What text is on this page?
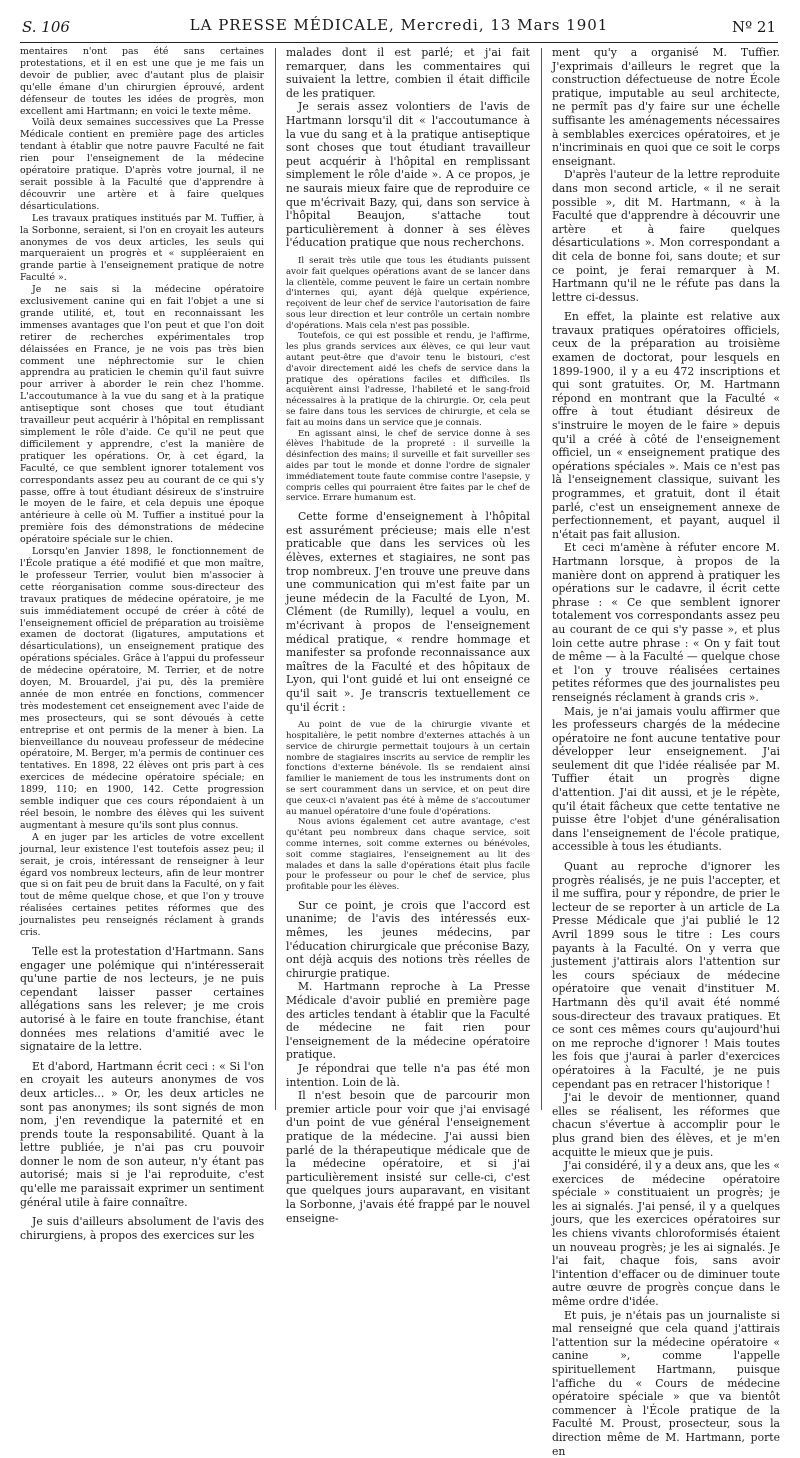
S. 106	LA PRESSE MÉDICALE, Mercredi, 13 Mars 1901	Nº 21

mentaires n'ont pas été sans certaines protestations, et il en est une que je me fais un devoir de publier, avec d'autant plus de plaisir qu'elle émane d'un chirurgien éprouvé, ardent défenseur de toutes les idées de progrès, mon excellent ami Hartmann; en voici le texte même.

Voilà deux semaines successives que La Presse Médicale contient en première page des articles tendant à établir que notre pauvre Faculté ne fait rien pour l'enseignement de la médecine opératoire pratique. D'après votre journal, il ne serait possible à la Faculté que d'apprendre à découvrir une artère et à faire quelques désarticulations.

Les travaux pratiques institués par M. Tuffier, à la Sorbonne, seraient, si l'on en croyait les auteurs anonymes de vos deux articles, les seuls qui marqueraient un progrès et « suppléeraient en grande partie à l'enseignement pratique de notre Faculté ».

Je ne sais si la médecine opératoire exclusivement canine qui en fait l'objet a une si grande utilité, et, tout en reconnaissant les immenses avantages que l'on peut et que l'on doit retirer de recherches expérimentales trop délaissées en France, je ne vois pas très bien comment une néphrectomie sur le chien apprendra au praticien le chemin qu'il faut suivre pour arriver à aborder le rein chez l'homme. L'accoutumance à la vue du sang et à la pratique antiseptique sont choses que tout étudiant travailleur peut acquérir à l'hôpital en remplissant simplement le rôle d'aide. Ce qu'il ne peut que difficilement y apprendre, c'est la manière de pratiquer les opérations. Or, à cet égard, la Faculté, ce que semblent ignorer totalement vos correspondants assez peu au courant de ce qui s'y passe, offre à tout étudiant désireux de s'instruire le moyen de le faire, et cela depuis une époque antérieure à celle où M. Tuffier a institué pour la première fois des démonstrations de médecine opératoire spéciale sur le chien.

Lorsqu'en Janvier 1898, le fonctionnement de l'École pratique a été modifié et que mon maître, le professeur Terrier, voulut bien m'associer à cette réorganisation comme sous-directeur des travaux pratiques de médecine opératoire, je me suis immédiatement occupé de créer à côté de l'enseignement officiel de préparation au troisième examen de doctorat (ligatures, amputations et désarticulations), un enseignement pratique des opérations spéciales. Grâce à l'appui du professeur de médecine opératoire, M. Terrier, et de notre doyen, M. Brouardel, j'ai pu, dès la première année de mon entrée en fonctions, commencer très modestement cet enseignement avec l'aide de mes prosecteurs, qui se sont dévoués à cette entreprise et ont permis de la mener à bien. La bienveillance du nouveau professeur de médecine opératoire, M. Berger, m'a permis de continuer ces tentatives. En 1898, 22 élèves ont pris part à ces exercices de médecine opératoire spéciale; en 1899, 110; en 1900, 142. Cette progression semble indiquer que ces cours répondaient à un réel besoin, le nombre des élèves qui les suivent augmentant à mesure qu'ils sont plus connus.

A en juger par les articles de votre excellent journal, leur existence l'est toutefois assez peu; il serait, je crois, intéressant de renseigner à leur égard vos nombreux lecteurs, afin de leur montrer que si on fait peu de bruit dans la Faculté, on y fait tout de même quelque chose, et que l'on y trouve réalisées certaines petites réformes que des journalistes peu renseignés réclament à grands cris.

Telle est la protestation d'Hartmann. Sans engager une polémique qui n'intéresserait qu'une partie de nos lecteurs, je ne puis cependant laisser passer certaines allégations sans les relever; je me crois autorisé à le faire en toute franchise, étant données mes relations d'amitié avec le signataire de la lettre.

Et d'abord, Hartmann écrit ceci : « Si l'on en croyait les auteurs anonymes de vos deux articles... » Or, les deux articles ne sont pas anonymes; ils sont signés de mon nom, j'en revendique la paternité et en prends toute la responsabilité. Quant à la lettre publiée, je n'ai pas cru pouvoir donner le nom de son auteur, n'y étant pas autorisé; mais si je l'ai reproduite, c'est qu'elle me paraissait exprimer un sentiment général utile à faire connaître.

Je suis d'ailleurs absolument de l'avis des chirurgiens, à propos des exercices sur les

malades dont il est parlé; et j'ai fait remarquer, dans les commentaires qui suivaient la lettre, combien il était difficile de les pratiquer.

Je serais assez volontiers de l'avis de Hartmann lorsqu'il dit « l'accoutumance à la vue du sang et à la pratique antiseptique sont choses que tout étudiant travailleur peut acquérir à l'hôpital en remplissant simplement le rôle d'aide ». A ce propos, je ne saurais mieux faire que de reproduire ce que m'écrivait Bazy, qui, dans son service à l'hôpital Beaujon, s'attache tout particulièrement à donner à ses élèves l'éducation pratique que nous recherchons.

Il serait très utile que tous les étudiants puissent avoir fait quelques opérations avant de se lancer dans la clientèle, comme peuvent le faire un certain nombre d'internes qui, ayant déjà quelque expérience, reçoivent de leur chef de service l'autorisation de faire sous leur direction et leur contrôle un certain nombre d'opérations. Mais cela n'est pas possible.

Toutefois, ce qui est possible et rendu, je l'affirme, les plus grands services aux élèves, ce qui leur vaut autant peut-être que d'avoir tenu le bistouri, c'est d'avoir directement aidé les chefs de service dans la pratique des opérations faciles et difficiles. Ils acquièrent ainsi l'adresse, l'habileté et le sang-froid nécessaires à la pratique de la chirurgie. Or, cela peut se faire dans tous les services de chirurgie, et cela se fait au moins dans un service que je connais.

En agissant ainsi, le chef de service donne à ses élèves l'habitude de la propreté : il surveille la désinfection des mains; il surveille et fait surveiller ses aides par tout le monde et donne l'ordre de signaler immédiatement toute faute commise contre l'asepsie, y compris celles qui pourraient être faites par le chef de service. Errare humanum est.

Cette forme d'enseignement à l'hôpital est assurément précieuse; mais elle n'est praticable que dans les services où les élèves, externes et stagiaires, ne sont pas trop nombreux. J'en trouve une preuve dans une communication qui m'est faite par un jeune médecin de la Faculté de Lyon, M. Clément (de Rumilly), lequel a voulu, en m'écrivant à propos de l'enseignement médical pratique, « rendre hommage et manifester sa profonde reconnaissance aux maîtres de la Faculté et des hôpitaux de Lyon, qui l'ont guidé et lui ont enseigné ce qu'il sait ». Je transcris textuellement ce qu'il écrit :

Au point de vue de la chirurgie vivante et hospitalière, le petit nombre d'externes attachés à un service de chirurgie permettait toujours à un certain nombre de stagiaires inscrits au service de remplir les fonctions d'externe bénévole. Ils se rendaient ainsi familier le maniement de tous les instruments dont on se sert couramment dans un service, et on peut dire que ceux-ci n'avaient pas été à même de s'accoutumer au manuel opératoire d'une foule d'opérations.

Nous avions également cet autre avantage, c'est qu'étant peu nombreux dans chaque service, soit comme internes, soit comme externes ou bénévoles, soit comme stagiaires, l'enseignement au lit des malades et dans la salle d'opérations était plus facile pour le professeur ou pour le chef de service, plus profitable pour les élèves.

Sur ce point, je crois que l'accord est unanime; de l'avis des intéressés eux-mêmes, les jeunes médecins, par l'éducation chirurgicale que préconise Bazy, ont déjà acquis des notions très réelles de chirurgie pratique.

M. Hartmann reproche à La Presse Médicale d'avoir publié en première page des articles tendant à établir que la Faculté de médecine ne fait rien pour l'enseignement de la médecine opératoire pratique.

Je répondrai que telle n'a pas été mon intention. Loin de là.

Il n'est besoin que de parcourir mon premier article pour voir que j'ai envisagé d'un point de vue général l'enseignement pratique de la médecine. J'ai aussi bien parlé de la thérapeutique médicale que de la médecine opératoire, et si j'ai particulièrement insisté sur celle-ci, c'est que quelques jours auparavant, en visitant la Sorbonne, j'avais été frappé par le nouvel enseigne-

ment qu'y a organisé M. Tuffier. J'exprimais d'ailleurs le regret que la construction défectueuse de notre École pratique, imputable au seul architecte, ne permît pas d'y faire sur une échelle suffisante les aménagements nécessaires à semblables exercices opératoires, et je n'incriminais en quoi que ce soit le corps enseignant.

D'après l'auteur de la lettre reproduite dans mon second article, « il ne serait possible », dit M. Hartmann, « à la Faculté que d'apprendre à découvrir une artère et à faire quelques désarticulations ». Mon correspondant a dit cela de bonne foi, sans doute; et sur ce point, je ferai remarquer à M. Hartmann qu'il ne le réfute pas dans la lettre ci-dessus.

En effet, la plainte est relative aux travaux pratiques opératoires officiels, ceux de la préparation au troisième examen de doctorat, pour lesquels en 1899-1900, il y a eu 472 inscriptions et qui sont gratuites. Or, M. Hartmann répond en montrant que la Faculté « offre à tout étudiant désireux de s'instruire le moyen de le faire » depuis qu'il a créé à côté de l'enseignement officiel, un « enseignement pratique des opérations spéciales ». Mais ce n'est pas là l'enseignement classique, suivant les programmes, et gratuit, dont il était parlé, c'est un enseignement annexe de perfectionnement, et payant, auquel il n'était pas fait allusion.

Et ceci m'amène à réfuter encore M. Hartmann lorsque, à propos de la manière dont on apprend à pratiquer les opérations sur le cadavre, il écrit cette phrase : « Ce que semblent ignorer totalement vos correspondants assez peu au courant de ce qui s'y passe », et plus loin cette autre phrase : « On y fait tout de même — à la Faculté — quelque chose et l'on y trouve réalisées certaines petites réformes que des journalistes peu renseignés réclament à grands cris ».

Mais, je n'ai jamais voulu affirmer que les professeurs chargés de la médecine opératoire ne font aucune tentative pour développer leur enseignement. J'ai seulement dit que l'idée réalisée par M. Tuffier était un progrès digne d'attention. J'ai dit aussi, et je le répète, qu'il était fâcheux que cette tentative ne puisse être l'objet d'une généralisation dans l'enseignement de l'école pratique, accessible à tous les étudiants.

Quant au reproche d'ignorer les progrès réalisés, je ne puis l'accepter, et il me suffira, pour y répondre, de prier le lecteur de se reporter à un article de La Presse Médicale que j'ai publié le 12 Avril 1899 sous le titre : Les cours payants à la Faculté. On y verra que justement j'attirais alors l'attention sur les cours spéciaux de médecine opératoire que venait d'instituer M. Hartmann dès qu'il avait été nommé sous-directeur des travaux pratiques. Et ce sont ces mêmes cours qu'aujourd'hui on me reproche d'ignorer ! Mais toutes les fois que j'aurai à parler d'exercices opératoires à la Faculté, je ne puis cependant pas en retracer l'historique !

J'ai le devoir de mentionner, quand elles se réalisent, les réformes que chacun s'évertue à accomplir pour le plus grand bien des élèves, et je m'en acquitte le mieux que je puis.

J'ai considéré, il y a deux ans, que les « exercices de médecine opératoire spéciale » constituaient un progrès; je les ai signalés. J'ai pensé, il y a quelques jours, que les exercices opératoires sur les chiens vivants chloroformisés étaient un nouveau progrès; je les ai signalés. Je l'ai fait, chaque fois, sans avoir l'intention d'effacer ou de diminuer toute autre œuvre de progrès conçue dans le même ordre d'idée.

Et puis, je n'étais pas un journaliste si mal renseigné que cela quand j'attirais l'attention sur la médecine opératoire « canine », comme l'appelle spirituellement Hartmann, puisque l'affiche du « Cours de médecine opératoire spéciale » que va bientôt commencer à l'École pratique de la Faculté M. Proust, prosecteur, sous la direction même de M. Hartmann, porte en
